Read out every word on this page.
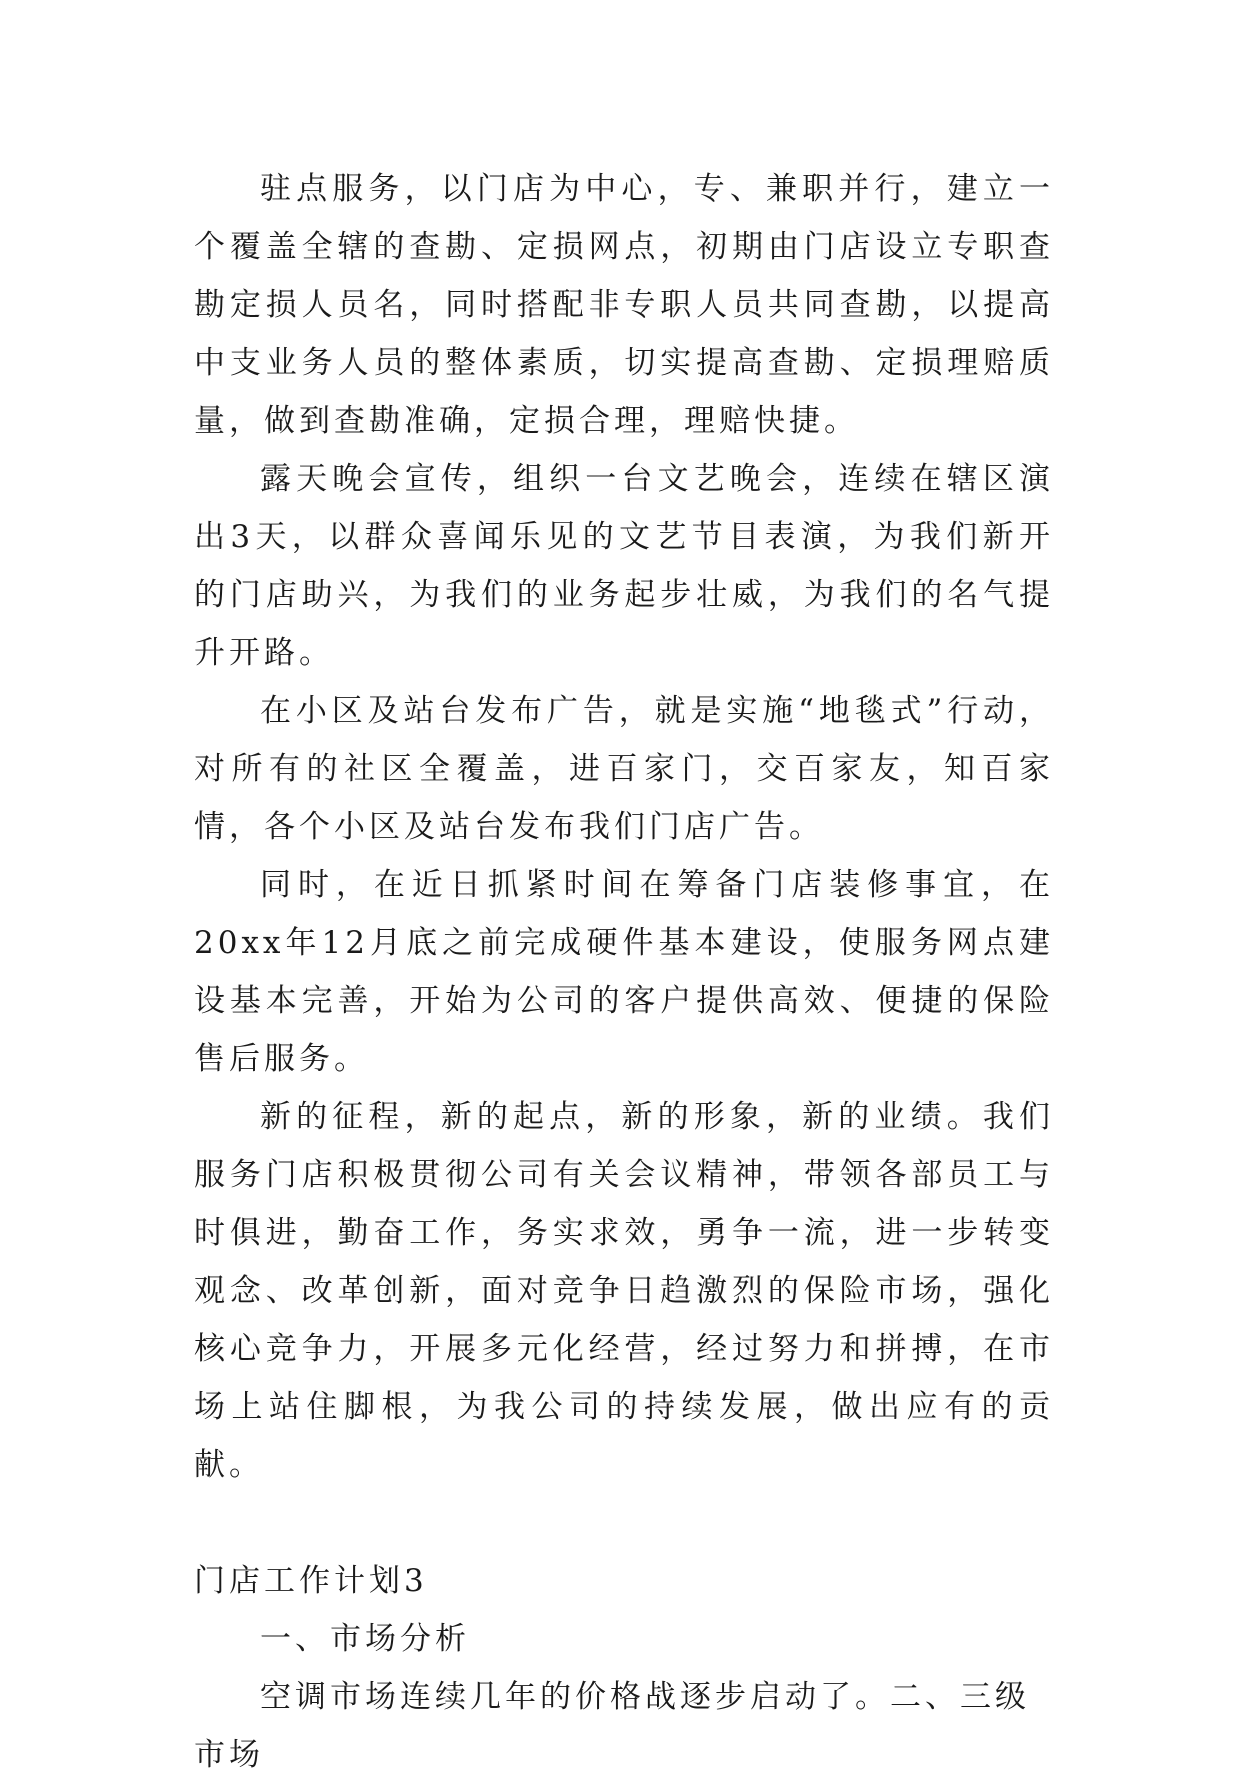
驻点服务，以门店为中心，专、兼职并行，建立一个覆盖全辖的查勘、定损网点，初期由门店设立专职查勘定损人员名，同时搭配非专职人员共同查勘，以提高中支业务人员的整体素质，切实提高查勘、定损理赔质量，做到查勘准确，定损合理，理赔快捷。

露天晚会宣传，组织一台文艺晚会，连续在辖区演出3天，以群众喜闻乐见的文艺节目表演，为我们新开的门店助兴，为我们的业务起步壮威，为我们的名气提升开路。

在小区及站台发布广告，就是实施“地毯式”行动，对所有的社区全覆盖，进百家门，交百家友，知百家情，各个小区及站台发布我们门店广告。

同时，在近日抓紧时间在筹备门店装修事宜，在20xx年12月底之前完成硬件基本建设，使服务网点建设基本完善，开始为公司的客户提供高效、便捷的保险售后服务。

新的征程，新的起点，新的形象，新的业绩。我们服务门店积极贯彻公司有关会议精神，带领各部员工与时俱进，勤奋工作，务实求效，勇争一流，进一步转变观念、改革创新，面对竞争日趋激烈的保险市场，强化核心竞争力，开展多元化经营，经过努力和拼搏，在市场上站住脚根，为我公司的持续发展，做出应有的贡献。

门店工作计划3

一、市场分析

空调市场连续几年的价格战逐步启动了。二、三级市场
